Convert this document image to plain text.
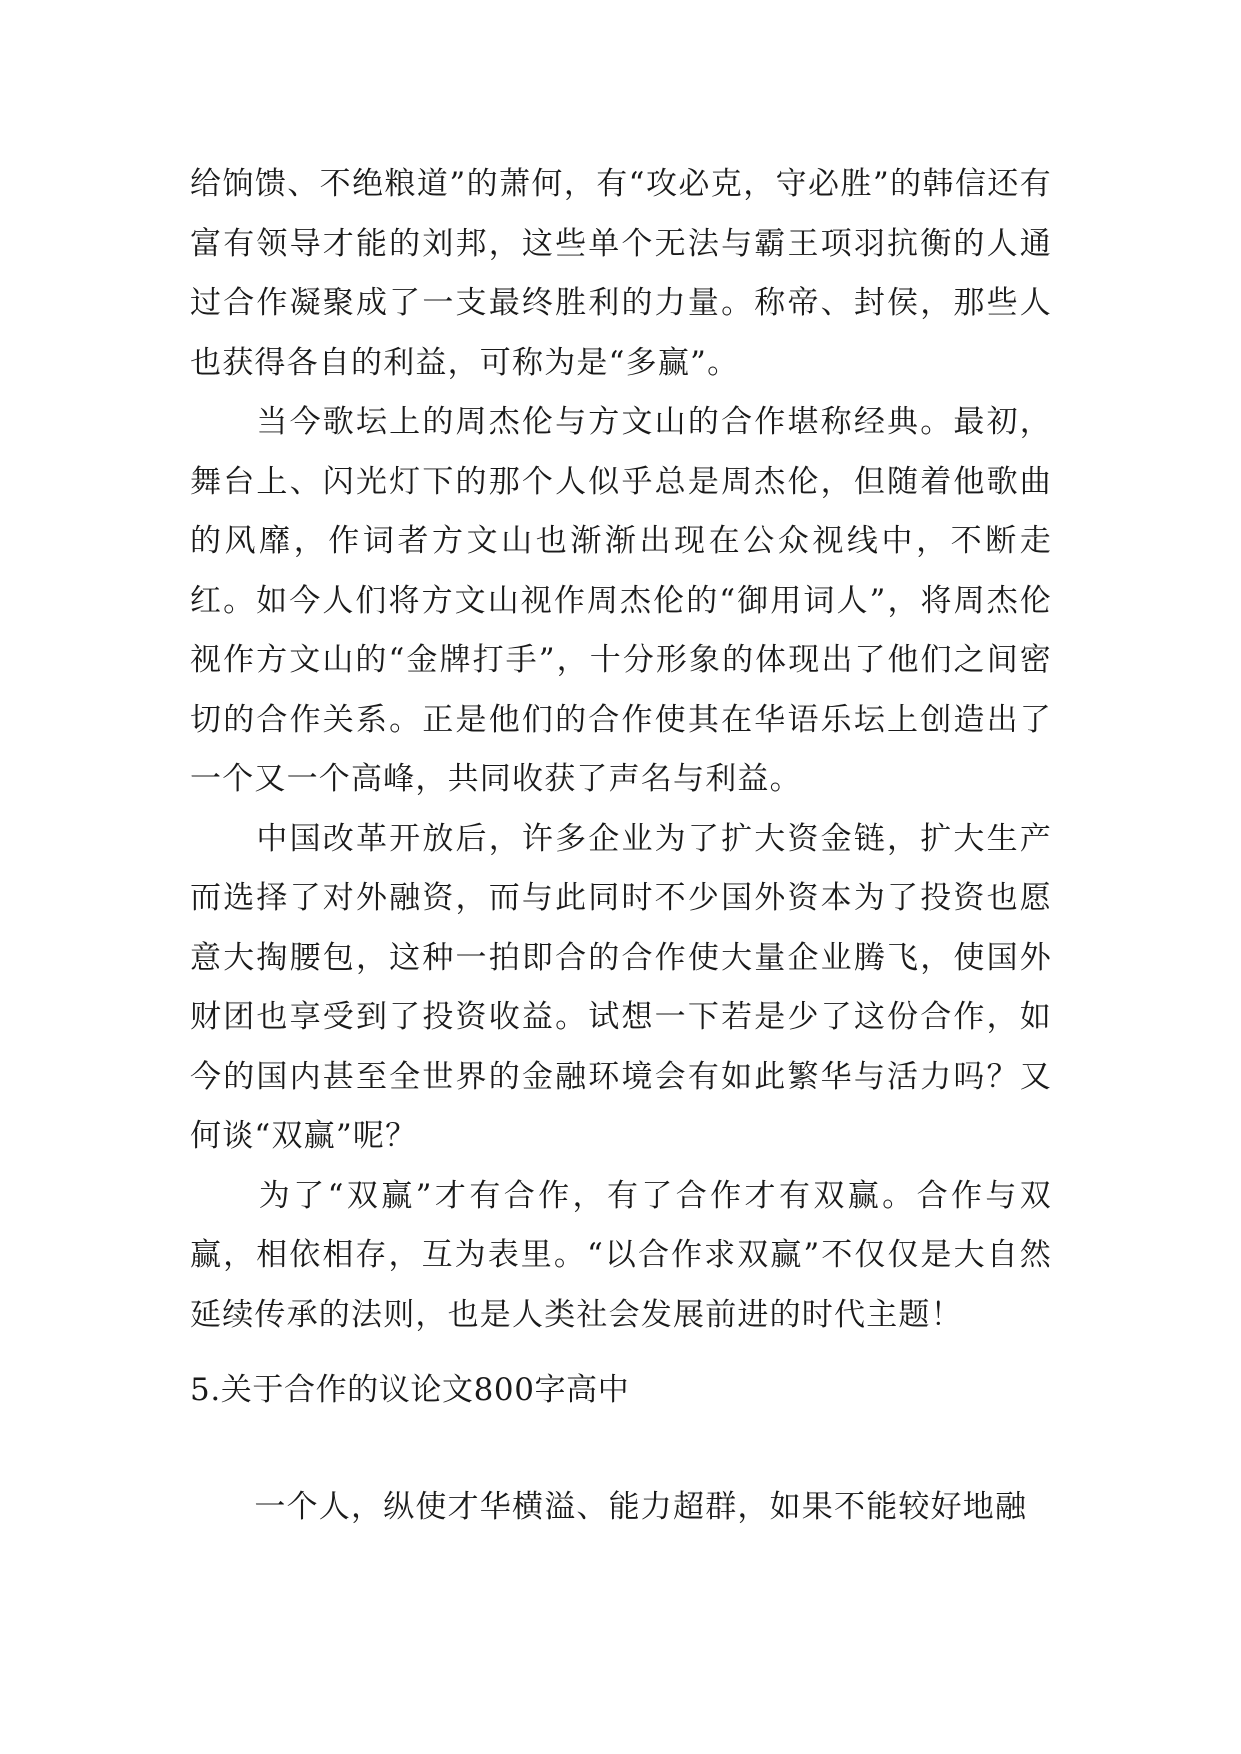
给饷馈、不绝粮道”的萧何，有“攻必克，守必胜”的韩信还有富有领导才能的刘邦，这些单个无法与霸王项羽抗衡的人通过合作凝聚成了一支最终胜利的力量。称帝、封侯，那些人也获得各自的利益，可称为是“多赢”。

　　当今歌坛上的周杰伦与方文山的合作堪称经典。最初，舞台上、闪光灯下的那个人似乎总是周杰伦，但随着他歌曲的风靡，作词者方文山也渐渐出现在公众视线中，不断走红。如今人们将方文山视作周杰伦的“御用词人”，将周杰伦视作方文山的“金牌打手”，十分形象的体现出了他们之间密切的合作关系。正是他们的合作使其在华语乐坛上创造出了一个又一个高峰，共同收获了声名与利益。

　　中国改革开放后，许多企业为了扩大资金链，扩大生产而选择了对外融资，而与此同时不少国外资本为了投资也愿意大掏腰包，这种一拍即合的合作使大量企业腾飞，使国外财团也享受到了投资收益。试想一下若是少了这份合作，如今的国内甚至全世界的金融环境会有如此繁华与活力吗？又何谈“双赢”呢？

　　为了“双赢”才有合作，有了合作才有双赢。合作与双赢，相依相存，互为表里。“以合作求双赢”不仅仅是大自然延续传承的法则，也是人类社会发展前进的时代主题！

5.关于合作的议论文800字高中

　　一个人，纵使才华横溢、能力超群，如果不能较好地融
